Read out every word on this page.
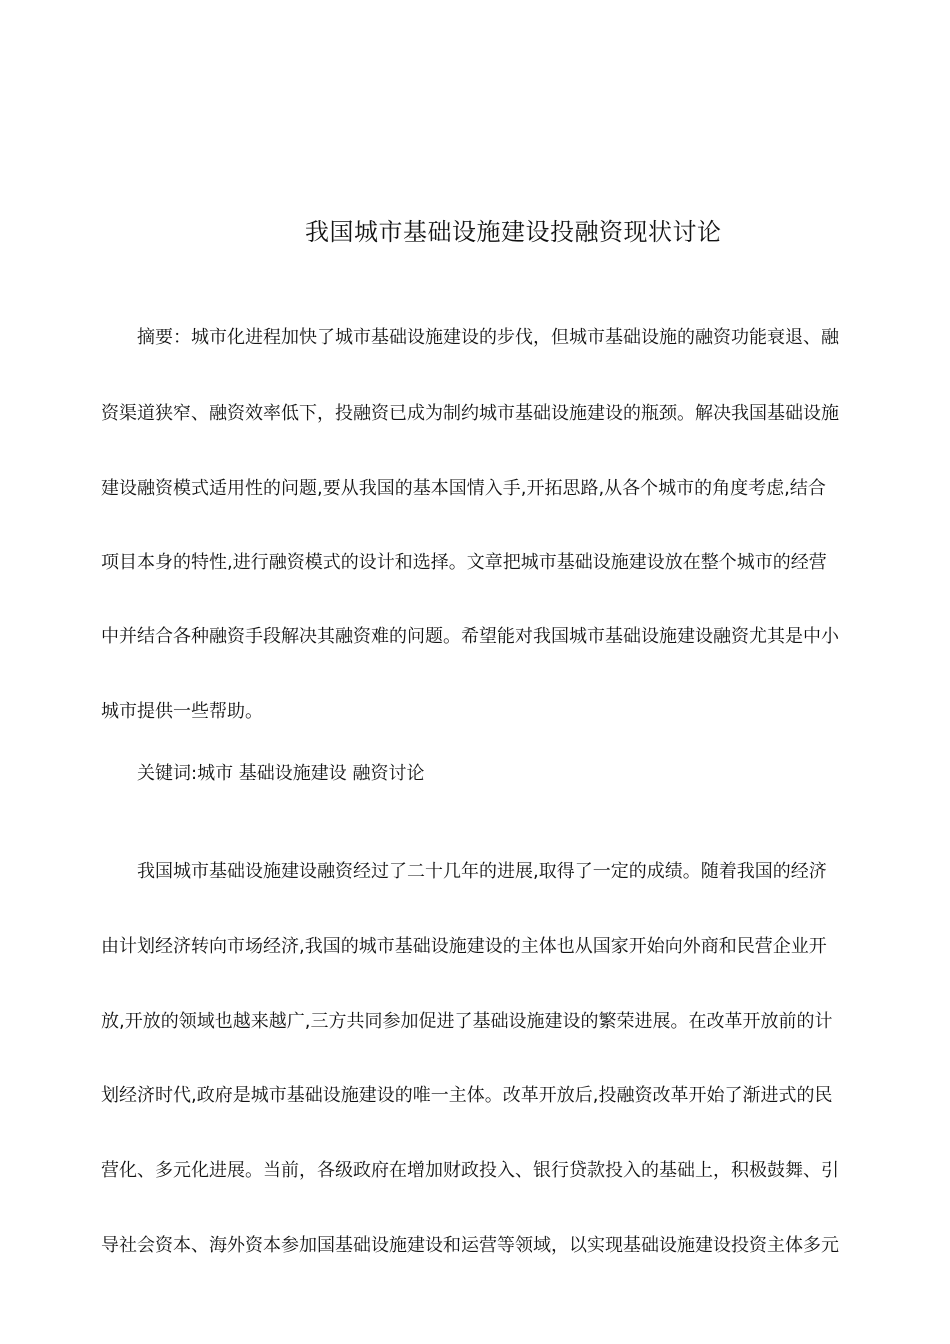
我国城市基础设施建设投融资现状讨论
摘要：城市化进程加快了城市基础设施建设的步伐，但城市基础设施的融资功能衰退、融
资渠道狭窄、融资效率低下，投融资已成为制约城市基础设施建设的瓶颈。解决我国基础设施
建设融资模式适用性的问题,要从我国的基本国情入手,开拓思路,从各个城市的角度考虑,结合
项目本身的特性,进行融资模式的设计和选择。文章把城市基础设施建设放在整个城市的经营
中并结合各种融资手段解决其融资难的问题。希望能对我国城市基础设施建设融资尤其是中小
城市提供一些帮助。
关键词:城市 基础设施建设 融资讨论
我国城市基础设施建设融资经过了二十几年的进展,取得了一定的成绩。随着我国的经济
由计划经济转向市场经济,我国的城市基础设施建设的主体也从国家开始向外商和民营企业开
放,开放的领域也越来越广,三方共同参加促进了基础设施建设的繁荣进展。在改革开放前的计
划经济时代,政府是城市基础设施建设的唯一主体。改革开放后,投融资改革开始了渐进式的民
营化、多元化进展。当前，各级政府在增加财政投入、银行贷款投入的基础上，积极鼓舞、引
导社会资本、海外资本参加国基础设施建设和运营等领域，以实现基础设施建设投资主体多元
